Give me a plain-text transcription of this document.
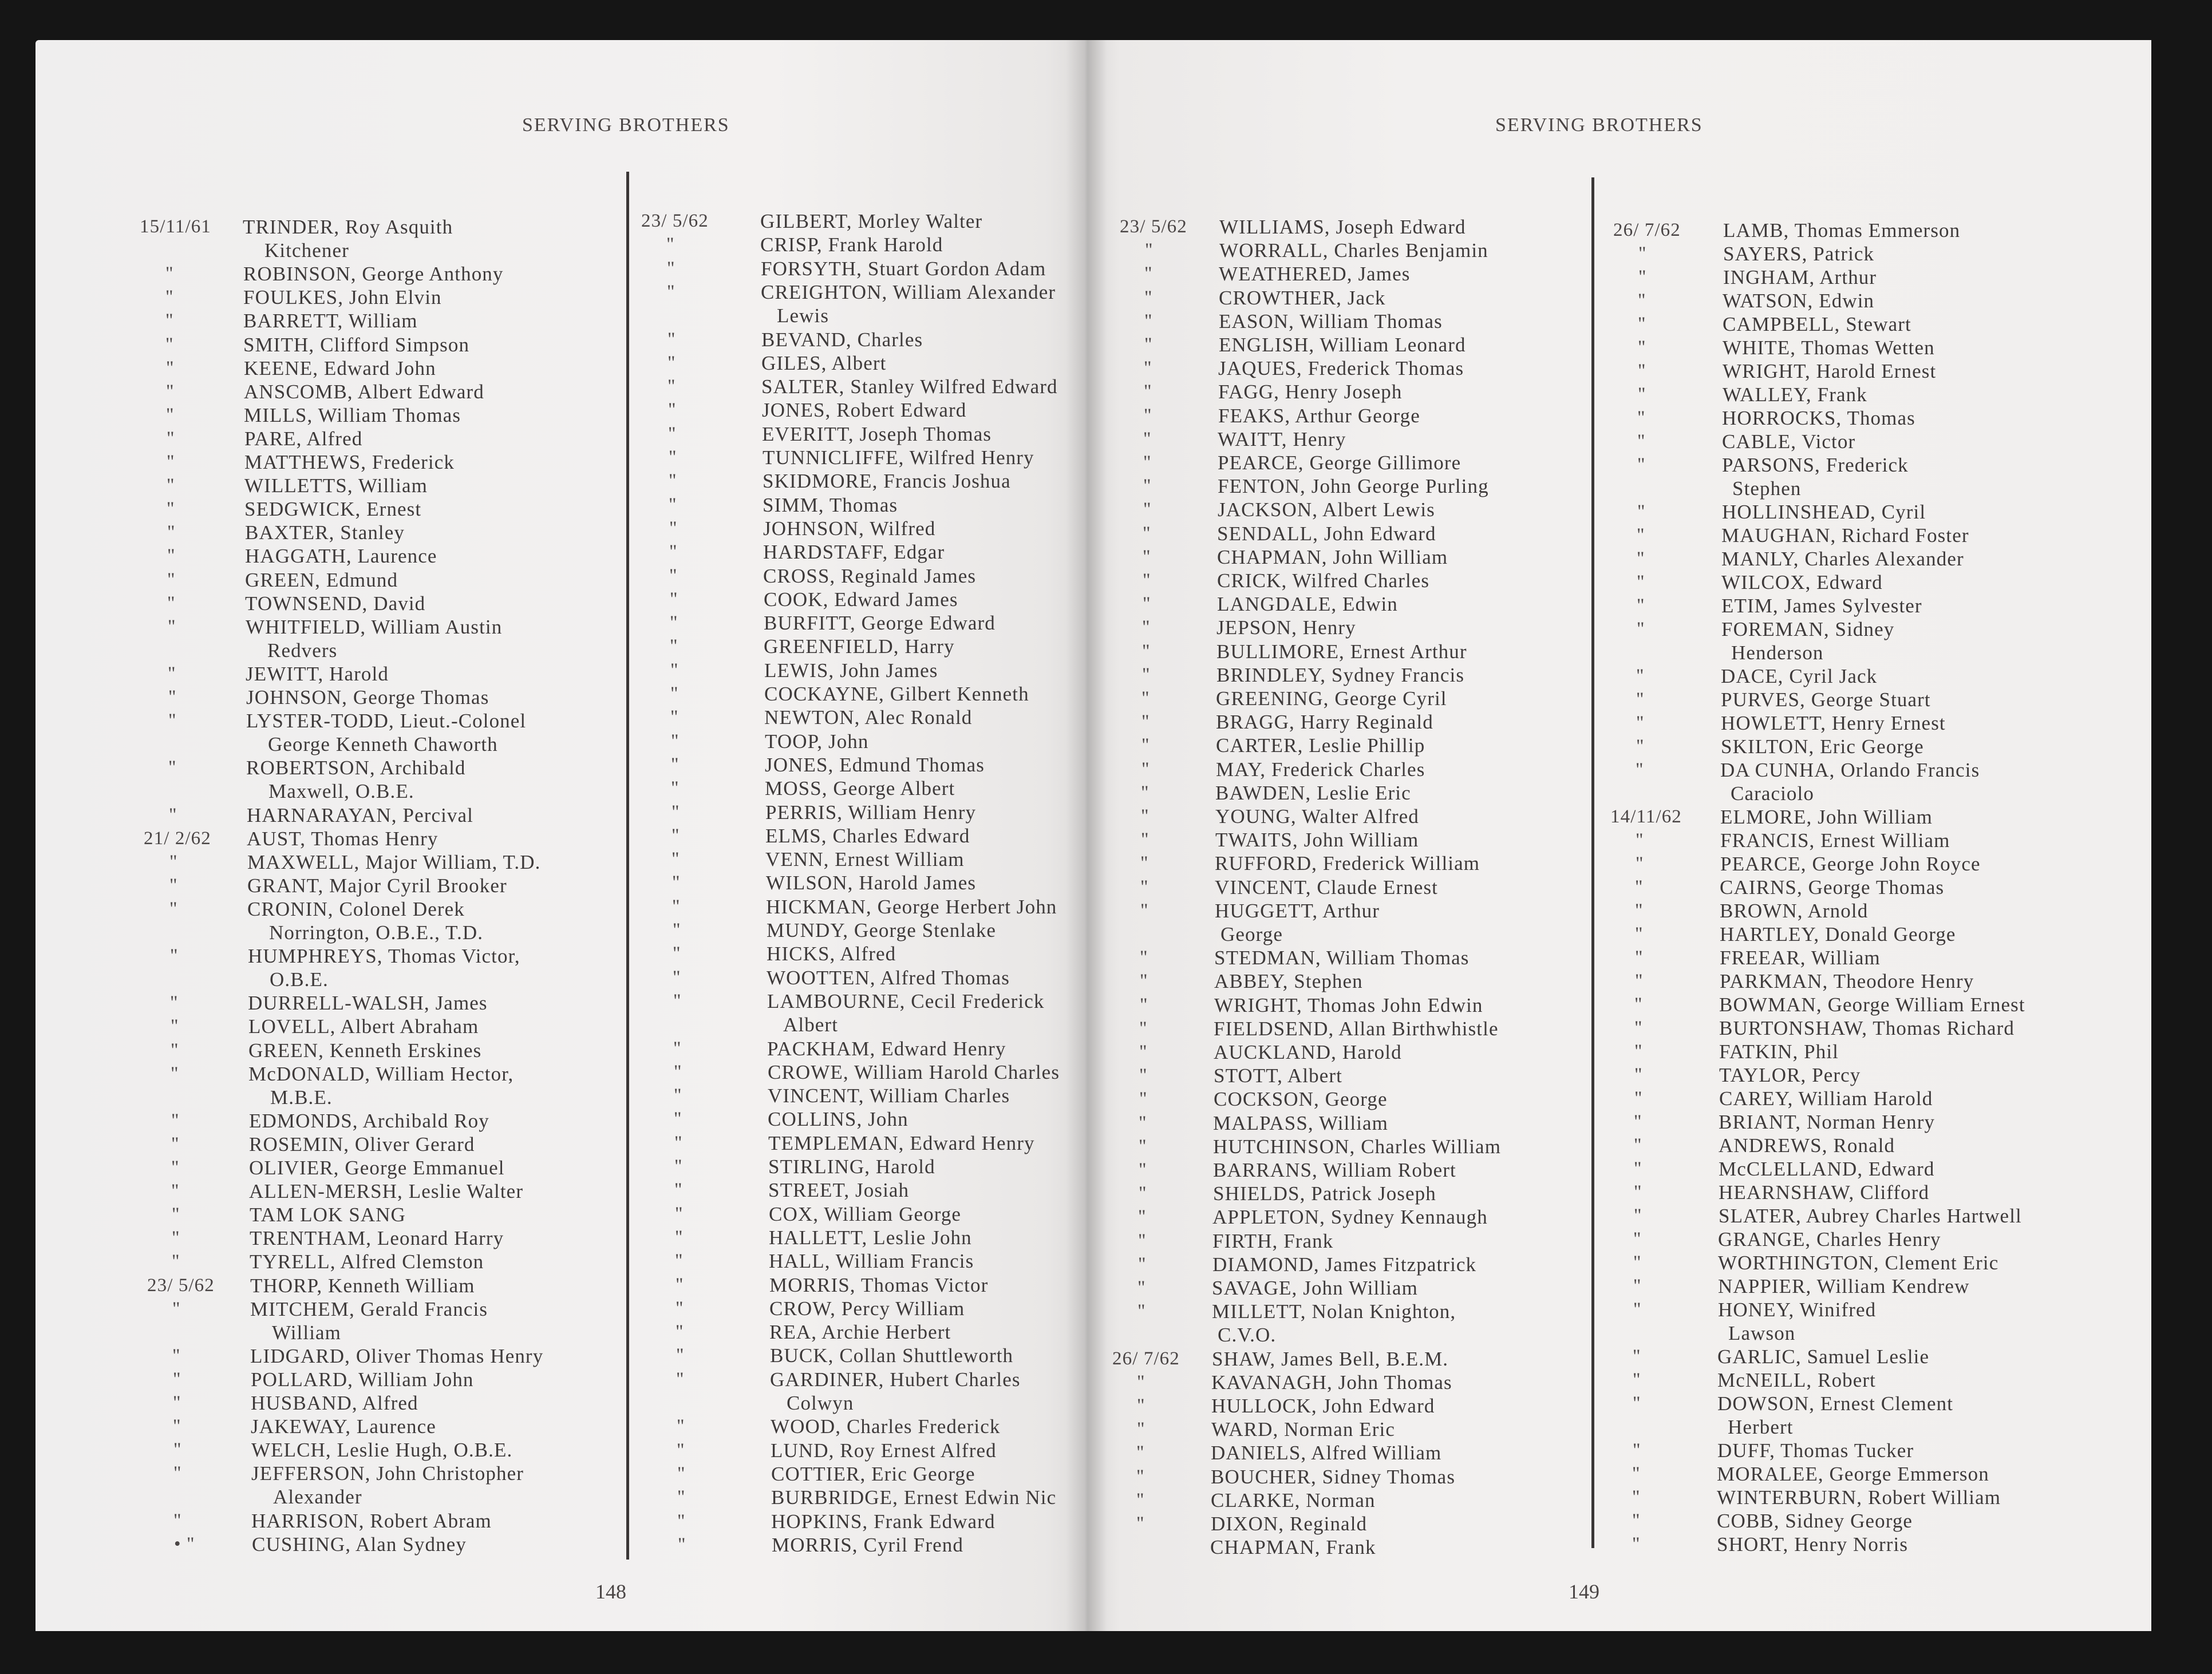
SERVING BROTHERS
15/11/61 TRINDER, Roy Asquith
Kitchener
"	ROBINSON, George Anthony
"	FOULKES, John Elvin
"	BARRETT, William
"	SMITH, Clifford Simpson
"	KEENE, Edward John
"	ANSCOMB, Albert Edward
"	MILLS, William Thomas
"	PARE, Alfred
"	MATTHEWS, Frederick
"	WILLETTS, William
"	SEDGWICK, Ernest
"	BAXTER, Stanley
"	HAGGATH, Laurence
"	GREEN, Edmund
"	TOWNSEND, David
"	WHITFIELD, William Austin
Redvers
"	JEWITT, Harold
"	JOHNSON, George Thomas
"	LYSTER-TODD, Lieut.-Colonel
George Kenneth Chaworth
"	ROBERTSON, Archibald
Maxwell, O.B.E.
"	HARNARAYAN, Percival
21/ 2/62 AUST, Thomas Henry
"	MAXWELL, Major William, T.D.
"	GRANT, Major Cyril Brooker
"	CRONIN, Colonel Derek
Norrington, O.B.E., T.D.
"	HUMPHREYS, Thomas Victor,
O.B.E.
"	DURRELL-WALSH, James
"	LOVELL, Albert Abraham
"	GREEN, Kenneth Erskines
"	McDONALD, William Hector,
M.B.E.
"	EDMONDS, Archibald Roy
"	ROSEMIN, Oliver Gerard
"	OLIVIER, George Emmanuel
"	ALLEN-MERSH, Leslie Walter
"	TAM LOK SANG
"	TRENTHAM, Leonard Harry
"	TYRELL, Alfred Clemston
23/ 5/62 THORP, Kenneth William
"	MITCHEM, Gerald Francis
William
"	LIDGARD, Oliver Thomas Henry
"	POLLARD, William John
"	HUSBAND, Alfred
"	JAKEWAY, Laurence
"	WELCH, Leslie Hugh, O.B.E.
"	JEFFERSON, John Christopher
Alexander
"	HARRISON, Robert Abram
• "	CUSHING, Alan Sydney
23/ 5/62	GILBERT, Morley Walter
"	CRISP, Frank Harold
"	FORSYTH, Stuart Gordon Adam
"	CREIGHTON, William Alexander
Lewis
"	BEVAND, Charles
"	GILES, Albert
"	SALTER, Stanley Wilfred Edward
"	JONES, Robert Edward
"	EVERITT, Joseph Thomas
"	TUNNICLIFFE, Wilfred Henry
"	SKIDMORE, Francis Joshua
"	SIMM, Thomas
"	JOHNSON, Wilfred
"	HARDSTAFF, Edgar
"	CROSS, Reginald James
"	COOK, Edward James
"	BURFITT, George Edward
"	GREENFIELD, Harry
"	LEWIS, John James
"	COCKAYNE, Gilbert Kenneth
"	NEWTON, Alec Ronald
"	TOOP, John
"	JONES, Edmund Thomas
"	MOSS, George Albert
"	PERRIS, William Henry
"	ELMS, Charles Edward
"	VENN, Ernest William
"	WILSON, Harold James
"	HICKMAN, George Herbert John
"	MUNDY, George Stenlake
"	HICKS, Alfred
"	WOOTTEN, Alfred Thomas
"	LAMBOURNE, Cecil Frederick
Albert
"	PACKHAM, Edward Henry
"	CROWE, William Harold Charles
"	VINCENT, William Charles
"	COLLINS, John
"	TEMPLEMAN, Edward Henry
"	STIRLING, Harold
"	STREET, Josiah
"	COX, William George
"	HALLETT, Leslie John
"	HALL, William Francis
"	MORRIS, Thomas Victor
"	CROW, Percy William
"	REA, Archie Herbert
"	BUCK, Collan Shuttleworth
"	GARDINER, Hubert Charles
Colwyn
"	WOOD, Charles Frederick
"	LUND, Roy Ernest Alfred
"	COTTIER, Eric George
"	BURBRIDGE, Ernest Edwin Nic
"	HOPKINS, Frank Edward
"	MORRIS, Cyril Frend
148
SERVING BROTHERS
23/ 5/62 WILLIAMS, Joseph Edward
"	WORRALL, Charles Benjamin
"	WEATHERED, James
"	CROWTHER, Jack
"	EASON, William Thomas
"	ENGLISH, William Leonard
"	JAQUES, Frederick Thomas
"	FAGG, Henry Joseph
"	FEAKS, Arthur George
"	WAITT, Henry
"	PEARCE, George Gillimore
"	FENTON, John George Purling
"	JACKSON, Albert Lewis
"	SENDALL, John Edward
"	CHAPMAN, John William
"	CRICK, Wilfred Charles
"	LANGDALE, Edwin
"	JEPSON, Henry
"	BULLIMORE, Ernest Arthur
"	BRINDLEY, Sydney Francis
"	GREENING, George Cyril
"	BRAGG, Harry Reginald
"	CARTER, Leslie Phillip
"	MAY, Frederick Charles
"	BAWDEN, Leslie Eric
"	YOUNG, Walter Alfred
"	TWAITS, John William
"	RUFFORD, Frederick William
"	VINCENT, Claude Ernest
"	HUGGETT, Arthur
George
"	STEDMAN, William Thomas
"	ABBEY, Stephen
"	WRIGHT, Thomas John Edwin
"	FIELDSEND, Allan Birthwhistle
"	AUCKLAND, Harold
"	STOTT, Albert
"	COCKSON, George
"	MALPASS, William
"	HUTCHINSON, Charles William
"	BARRANS, William Robert
"	SHIELDS, Patrick Joseph
"	APPLETON, Sydney Kennaugh
"	FIRTH, Frank
"	DIAMOND, James Fitzpatrick
"	SAVAGE, John William
"	MILLETT, Nolan Knighton,
C.V.O.
26/ 7/62 SHAW, James Bell, B.E.M.
"	KAVANAGH, John Thomas
"	HULLOCK, John Edward
"	WARD, Norman Eric
"	DANIELS, Alfred William
"	BOUCHER, Sidney Thomas
"	CLARKE, Norman
"	DIXON, Reginald
CHAPMAN, Frank
26/ 7/62 LAMB, Thomas Emmerson
"	SAYERS, Patrick
"	INGHAM, Arthur
"	WATSON, Edwin
"	CAMPBELL, Stewart
"	WHITE, Thomas Wetten
"	WRIGHT, Harold Ernest
"	WALLEY, Frank
"	HORROCKS, Thomas
"	CABLE, Victor
"	PARSONS, Frederick
Stephen
"	HOLLINSHEAD, Cyril
"	MAUGHAN, Richard Foster
"	MANLY, Charles Alexander
"	WILCOX, Edward
"	ETIM, James Sylvester
"	FOREMAN, Sidney
Henderson
"	DACE, Cyril Jack
"	PURVES, George Stuart
"	HOWLETT, Henry Ernest
"	SKILTON, Eric George
"	DA CUNHA, Orlando Francis
Caraciolo
14/11/62 ELMORE, John William
"	FRANCIS, Ernest William
"	PEARCE, George John Royce
"	CAIRNS, George Thomas
"	BROWN, Arnold
"	HARTLEY, Donald George
"	FREEAR, William
"	PARKMAN, Theodore Henry
"	BOWMAN, George William Ernest
"	BURTONSHAW, Thomas Richard
"	FATKIN, Phil
"	TAYLOR, Percy
"	CAREY, William Harold
"	BRIANT, Norman Henry
"	ANDREWS, Ronald
"	McCLELLAND, Edward
"	HEARNSHAW, Clifford
"	SLATER, Aubrey Charles Hartwell
"	GRANGE, Charles Henry
"	WORTHINGTON, Clement Eric
"	NAPPIER, William Kendrew
"	HONEY, Winifred
Lawson
"	GARLIC, Samuel Leslie
"	McNEILL, Robert
"	DOWSON, Ernest Clement
Herbert
"	DUFF, Thomas Tucker
"	MORALEE, George Emmerson
"	WINTERBURN, Robert William
"	COBB, Sidney George
"	SHORT, Henry Norris
149
